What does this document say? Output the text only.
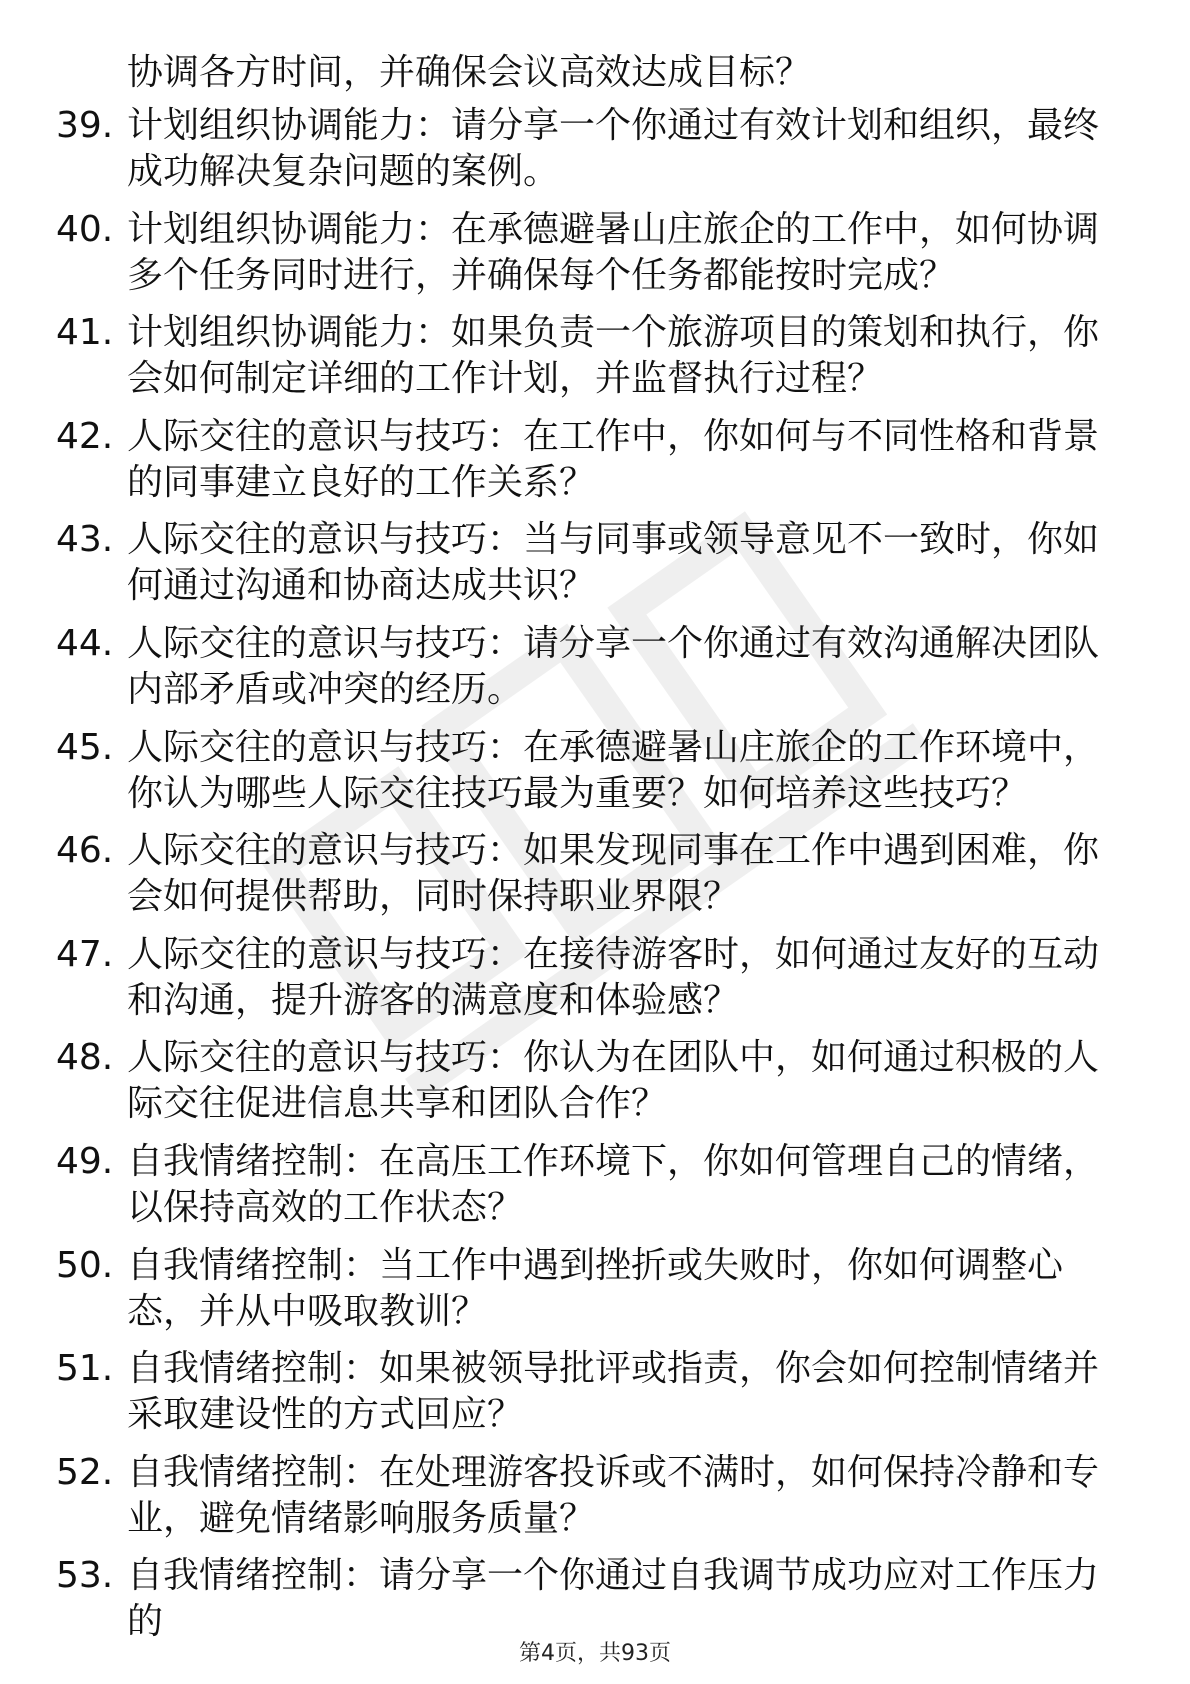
协调各方时间，并确保会议高效达成目标？
39. 计划组织协调能力：请分享一个你通过有效计划和组织，最终成功解决复杂问题的案例。
40. 计划组织协调能力：在承德避暑山庄旅企的工作中，如何协调多个任务同时进行，并确保每个任务都能按时完成？
41. 计划组织协调能力：如果负责一个旅游项目的策划和执行，你会如何制定详细的工作计划，并监督执行过程？
42. 人际交往的意识与技巧：在工作中，你如何与不同性格和背景的同事建立良好的工作关系？
43. 人际交往的意识与技巧：当与同事或领导意见不一致时，你如何通过沟通和协商达成共识？
44. 人际交往的意识与技巧：请分享一个你通过有效沟通解决团队内部矛盾或冲突的经历。
45. 人际交往的意识与技巧：在承德避暑山庄旅企的工作环境中，你认为哪些人际交往技巧最为重要？如何培养这些技巧？
46. 人际交往的意识与技巧：如果发现同事在工作中遇到困难，你会如何提供帮助，同时保持职业界限？
47. 人际交往的意识与技巧：在接待游客时，如何通过友好的互动和沟通，提升游客的满意度和体验感？
48. 人际交往的意识与技巧：你认为在团队中，如何通过积极的人际交往促进信息共享和团队合作？
49. 自我情绪控制：在高压工作环境下，你如何管理自己的情绪，以保持高效的工作状态？
50. 自我情绪控制：当工作中遇到挫折或失败时，你如何调整心态，并从中吸取教训？
51. 自我情绪控制：如果被领导批评或指责，你会如何控制情绪并采取建设性的方式回应？
52. 自我情绪控制：在处理游客投诉或不满时，如何保持冷静和专业，避免情绪影响服务质量？
53. 自我情绪控制：请分享一个你通过自我调节成功应对工作压力的
第4页，共93页
